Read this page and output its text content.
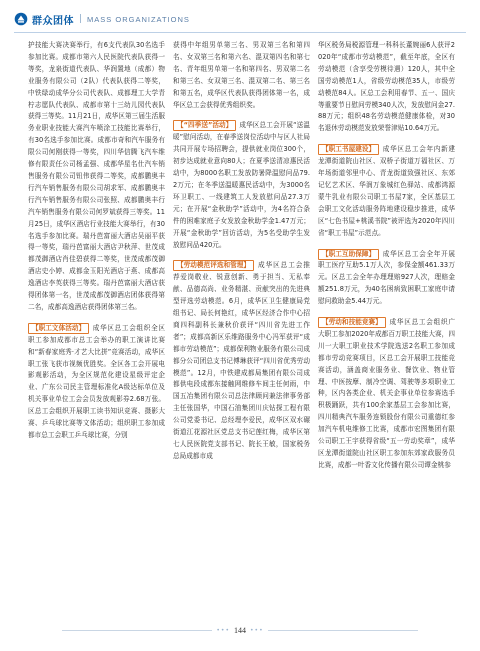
群众团体 | MASS ORGANIZATIONS

护技能大赛决赛举行，有6支代表队30名选手参加比赛。成都市第六人民医院代表队获得一等奖，龙泉街道代表队、华润置地（成都）物业服务有限公司（2队）代表队获得二等奖，中铁绿动成华分公司代表队、成都理工大学青柠志愿队代表队、成都市第十三幼儿园代表队获得三等奖。11月21日，成华区第三届生活服务业职业技能大赛汽车喷涂工技能比赛举行，有30名选手参加比赛。成都市奇和汽车服务有限公司何刚获得一等奖，四川华信腾飞汽车维修有限责任公司杨孟强、成都华星名仕汽车销售服务有限公司钮伟获得二等奖，成都鹏奥丰行汽车销售服务有限公司胡求军、成都鹏奥丰行汽车销售服务有限公司张照、成都鹏奥丰行汽车销售服务有限公司何罗斌获得三等奖。11月25日，成华区酒店行业技能大赛举行，有30名选手参加比赛。瑞丹芭富丽大酒店吴丽平获得一等奖，瑞丹芭富丽大酒店尹秋萍、世茂成都茂御酒店肖佳碧获得二等奖，世茂成都茂御酒店史小婷、成都金玉阳光酒店于燕、成都高逸酒店李英获得三等奖。瑞丹芭富丽大酒店获得团体第一名，世茂成都茂御酒店团体获得第二名，成都高逸酒店获得团体第三名。

【职工文体活动】 成华区总工会组织全区职工参加成都市总工会举办的职工演讲比赛和“新春家庭秀·才艺大比拼”竞赛活动，成华区职工张飞获市视频优胜奖。全区各工会开展电影观影活动，为全区规范化建设星级评定企业、广东公司民主管理标准化A级达标单位及机关事业单位工会会员发放观影券2.68万张。区总工会组织开展职工读书知识竞赛、摄影大赛、乒乓球比赛等文体活动；组织职工参加成都市总工会职工乒乓球比赛，分别

获得中年组男单第三名、男双第三名和第四名、女双第三名和第六名、混双第四名和第七名、青年组男单第一名和第四名、男双第二名和第三名、女双第三名、混双第二名、第三名和第五名，成华区代表队获得团体第一名，成华区总工会获得优秀组织奖。

【“四季送”活动】 成华区总工会开展“送温暖”慰问活动，在春季送岗位活动中与区人社局共同开展专场招聘会，提供就业岗位300个，初步达成就业意向80人；在夏季送清凉惠民活动中，为8000名职工发放防暑降温慰问品79.2万元；在冬季送温暖惠民活动中，为3000名环卫职工、一线建筑工人发放慰问品27.3万元；在开展“金秋助学”活动中，为4名符合条件的困难家庭子女发放金秋助学金1.47万元；开展“金秋助学”回访活动，为5名受助学生发放慰问品420元。

【劳动模范评选和管理】 成华区总工会推荐爱岗敬业、锐意创新、勇于担当、无私奉献、品德高尚、业务精湛、贡献突出的先进典型评选劳动模范。6月，成华区卫生健康局党组书记、局长何艳红，成华区经济合作中心招商四科副科长兼秋价获评“四川省先进工作者”；成都高新区乐维路服务中心冯军获评“成都市劳动模范”；成都保利物业服务有限公司成都分公司团总支书记傅琳获评“四川省优秀劳动模范”。12月，中铁建成都局集团有限公司成都供电段成都东接触网维修车间主任何雨，中国五冶集团有限公司总法律顾问兼法律事务部主任张国华，中国石油集团川庆钻探工程有限公司党委书记、总经理李爱民，成华区双水碾街道江花源社区党总支书记莲红梅，成华区第七人民医院党支部书记、院长王敏，国家税务总局成都市成

华区税务局税源管理一科科长董婉丽6人获评2020年“成都市劳动模范”，截至年底，全区有劳动模范（含享受劳模待遇）120人，其中全国劳动模范1人，省级劳动模范35人，市级劳动模范84人。区总工会利用春节、五一、国庆等重要节日慰问劳模340人次，发放慰问金27.88万元；组织48名劳动模范健康体检，对30名退休劳动模范发放荣誉津贴10.64万元。

【职工书屋建设】 成华区总工会年内新建龙潭街道院山社区、双桥子街道万福社区、万年场街道邻里中心、青龙街道致强社区、东郊记忆艺术区、华润万象城红色驿站、成都鸿源蒙牛乳业有限公司职工书屋7家，全区基层工会职工文化活动服务阵地建设稳步推进，成华区“七色书屋+桃溪书院”被评选为2020年四川省“职工书屋”示范点。

【职工互助保障】 成华区总工会全年开展职工医疗互助5.1万人次，参保金额461.33万元。区总工会全年办理理赔927人次，理赔金额251.8万元，为40名困病致困职工家庭申请慰问救助金5.44万元。

【劳动和技能竞赛】 成华区总工会组织广大职工参加2020年成都百万职工技能大赛，四川一大职工职业技术学院选送2名职工参加成都市劳动竞赛项目，区总工会开展职工技能竞赛活动，涵盖商业服务业、餐饮业、物业管理、中医按摩、制冷空调、驾驶等多项职业工种，区内各类企业、机关企事业单位参赛选手积极踊跃，共有100余家基层工会参加比赛，四川精典汽车服务连锁股份有限公司重德红参加汽车机电维修工比赛，成都市宏图集团有限公司职工王宇获得省级“五一劳动奖章”，成华区龙潭街道院山社区职工参加东郊家政服务员比赛，成都一叶香文化传播有限公司谭金桃参

••• 144 •••
